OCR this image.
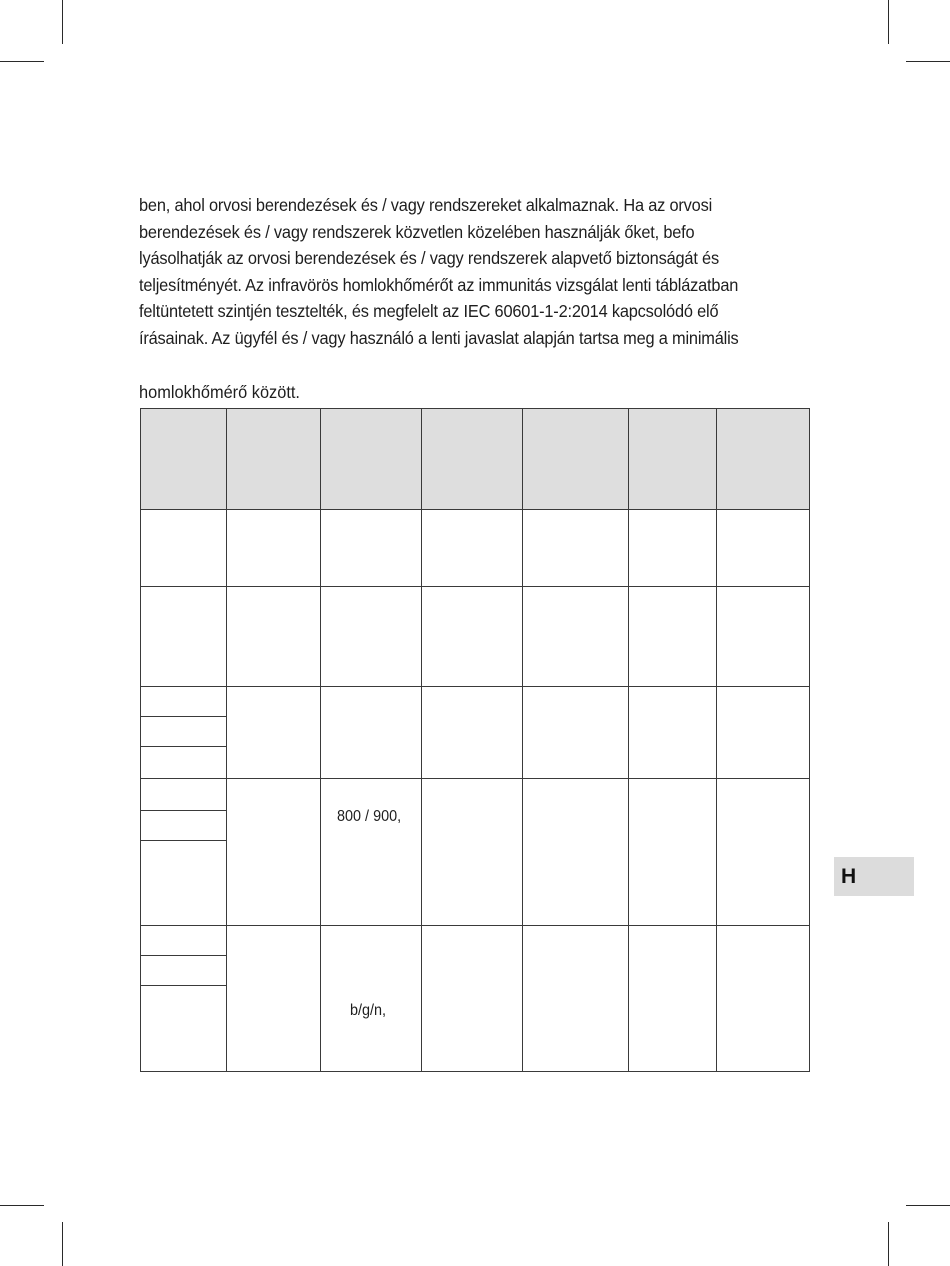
ben, ahol orvosi berendezések és / vagy rendszereket alkalmaznak. Ha az orvosi
berendezések és / vagy rendszerek közvetlen közelében használják őket, befo
lyásolhatják az orvosi berendezések és / vagy rendszerek alapvető biztonságát és
teljesítményét. Az infravörös homlokhőmérőt az immunitás vizsgálat lenti táblázatban
feltüntetett szintjén tesztelték, és megfelelt az IEC 60601-1-2:2014 kapcsolódó elő
írásainak. Az ügyfél és / vagy használó a lenti javaslat alapján tartsa meg a minimális

homlokhőmérő között.

800 / 900,
b/g/n,
H
